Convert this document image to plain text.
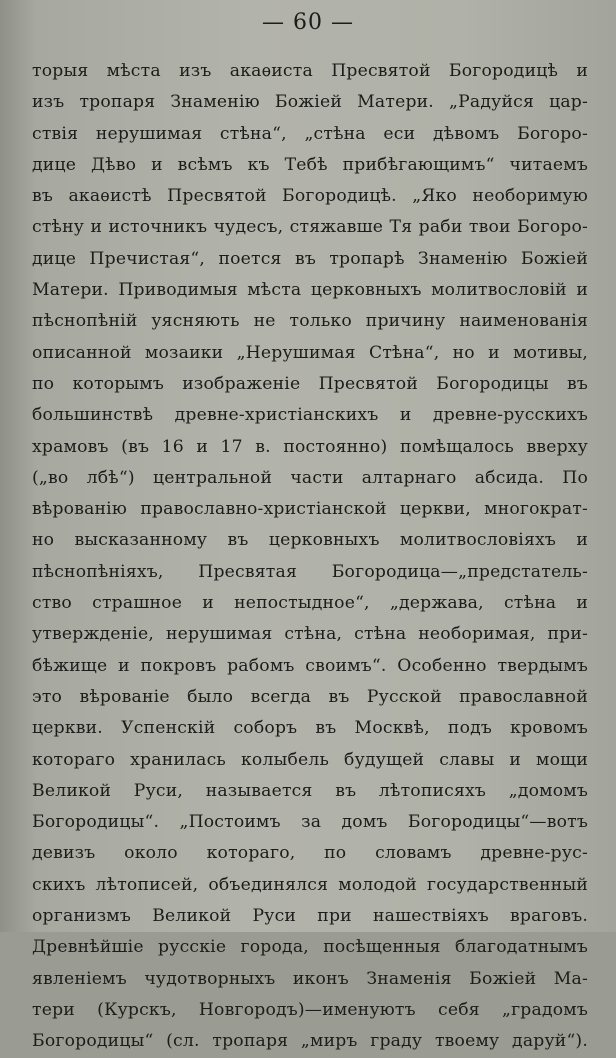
— 60 —
торыя мѣста изъ акаѳиста Пресвятой Богородицѣ и
изъ тропаря Знаменію Божіей Матери. „Радуйся цар-
ствія нерушимая стѣна“, „стѣна еси дѣвомъ Богоро-
дице Дѣво и всѣмъ къ Тебѣ прибѣгающимъ“ читаемъ
въ акаѳистѣ Пресвятой Богородицѣ. „Яко необоримую
стѣну и источникъ чудесъ, стяжавше Тя раби твои Богоро-
дице Пречистая“, поется въ тропарѣ Знаменію Божіей
Матери. Приводимыя мѣста церковныхъ молитвословій и
пѣснопѣній уясняють не только причину наименованія
описанной мозаики „Нерушимая Стѣна“, но и мотивы,
по которымъ изображеніе Пресвятой Богородицы въ
большинствѣ древне-христіанскихъ и древне-русскихъ
храмовъ (въ 16 и 17 в. постоянно) помѣщалось вверху
(„во лбѣ“) центральной части алтарнаго абсида. По
вѣрованію православно-христіанской церкви, многократ-
но высказанному въ церковныхъ молитвословіяхъ и
пѣснопѣніяхъ, Пресвятая Богородица—„предстатель-
ство страшное и непостыдное“, „держава, стѣна и
утвержденіе, нерушимая стѣна, стѣна необоримая, при-
бѣжище и покровъ рабомъ своимъ“. Особенно твердымъ
это вѣрованіе было всегда въ Русской православной
церкви. Успенскій соборъ въ Москвѣ, подъ кровомъ
котораго хранилась колыбель будущей славы и мощи
Великой Руси, называется въ лѣтописяхъ „домомъ
Богородицы“. „Постоимъ за домъ Богородицы“—вотъ
девизъ около котораго, по словамъ древне-рус-
скихъ лѣтописей, объединялся молодой государственный
организмъ Великой Руси при нашествіяхъ враговъ.
Древнѣйшіе русскіе города, посѣщенныя благодатнымъ
явленіемъ чудотворныхъ иконъ Знаменія Божіей Ма-
тери (Курскъ, Новгородъ)—именуютъ себя „градомъ
Богородицы“ (сл. тропаря „миръ граду твоему даруй“).
